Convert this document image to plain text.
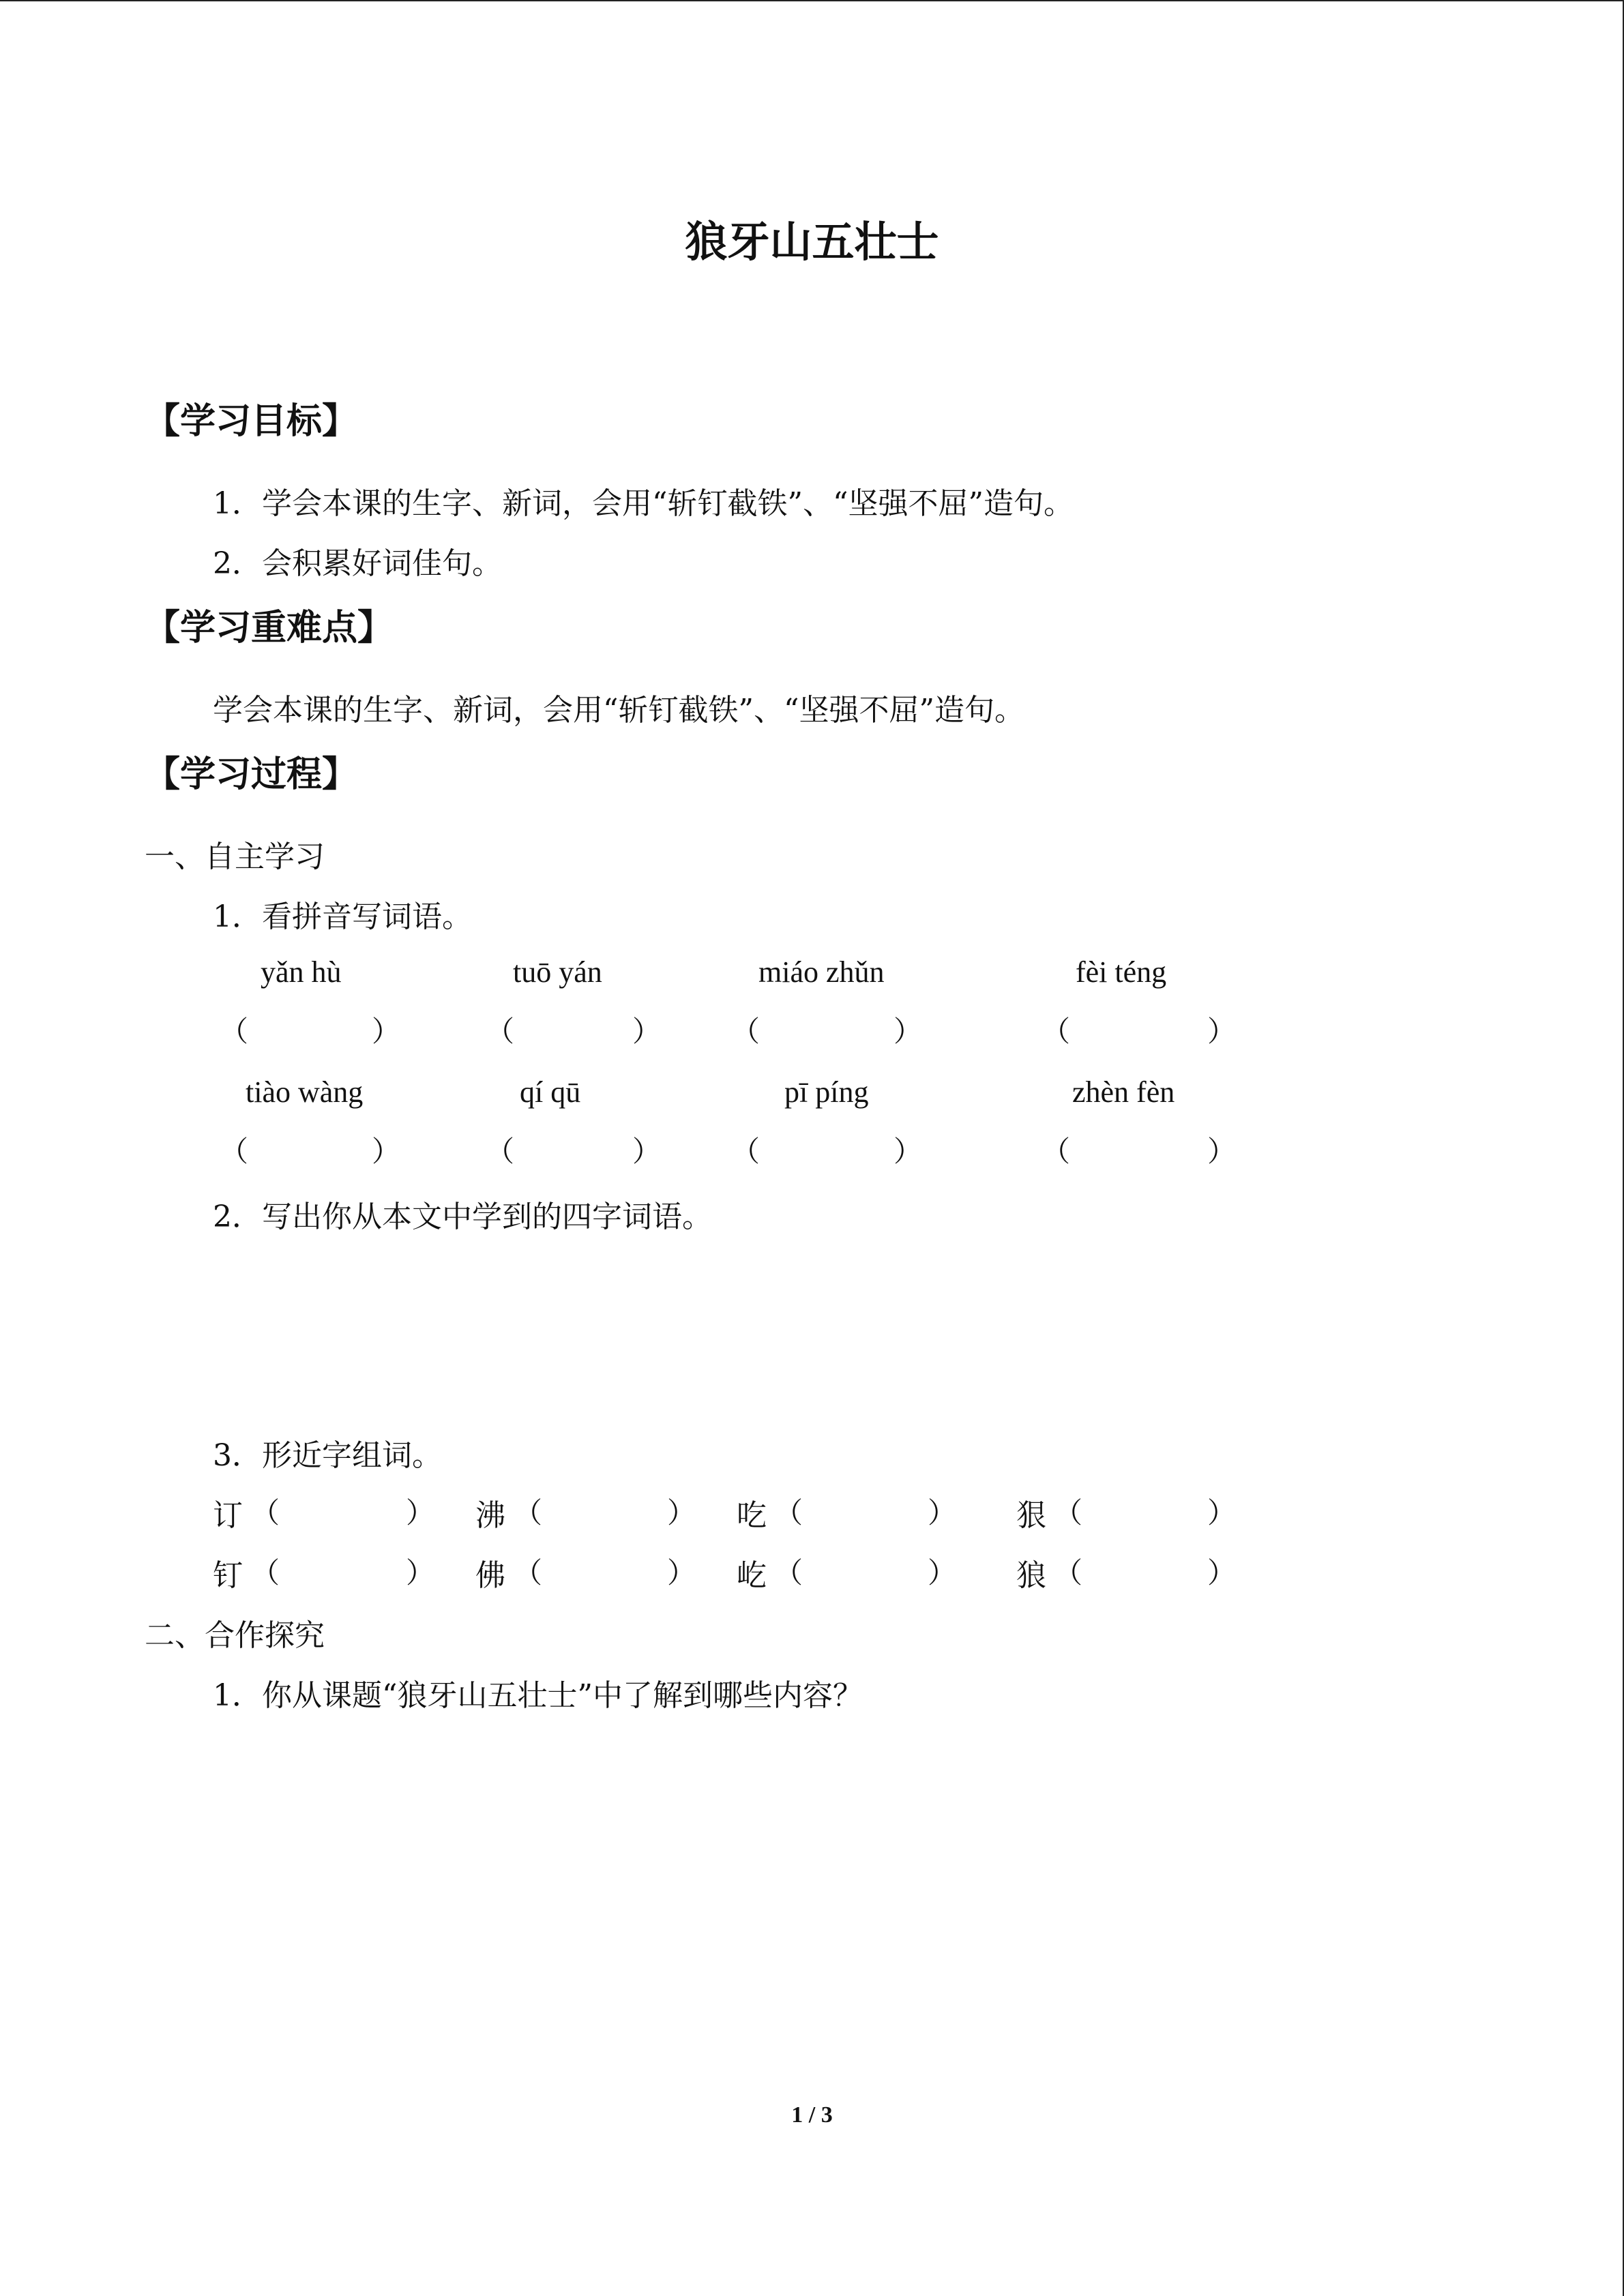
狼牙山五壮士
【学习目标】
1．学会本课的生字、新词，会用“斩钉截铁”、“坚强不屈”造句。
2．会积累好词佳句。
【学习重难点】
学会本课的生字、新词，会用“斩钉截铁”、“坚强不屈”造句。
【学习过程】
一、自主学习
1．看拼音写词语。
yǎn hù	tuō yán	miáo zhǔn	fèi téng
（	）	（	） （	）	（	）
tiào wàng	qí qū	pī píng	zhèn fèn
（	）	（	） （	）	（	）
2．写出你从本文中学到的四字词语。
3．形近字组词。
订 （	） 沸 （	） 吃 （	） 狠 （	）
钉 （	） 佛 （	） 屹 （	） 狼 （	）
二、合作探究
1．你从课题“狼牙山五壮士”中了解到哪些内容？
1 / 3
